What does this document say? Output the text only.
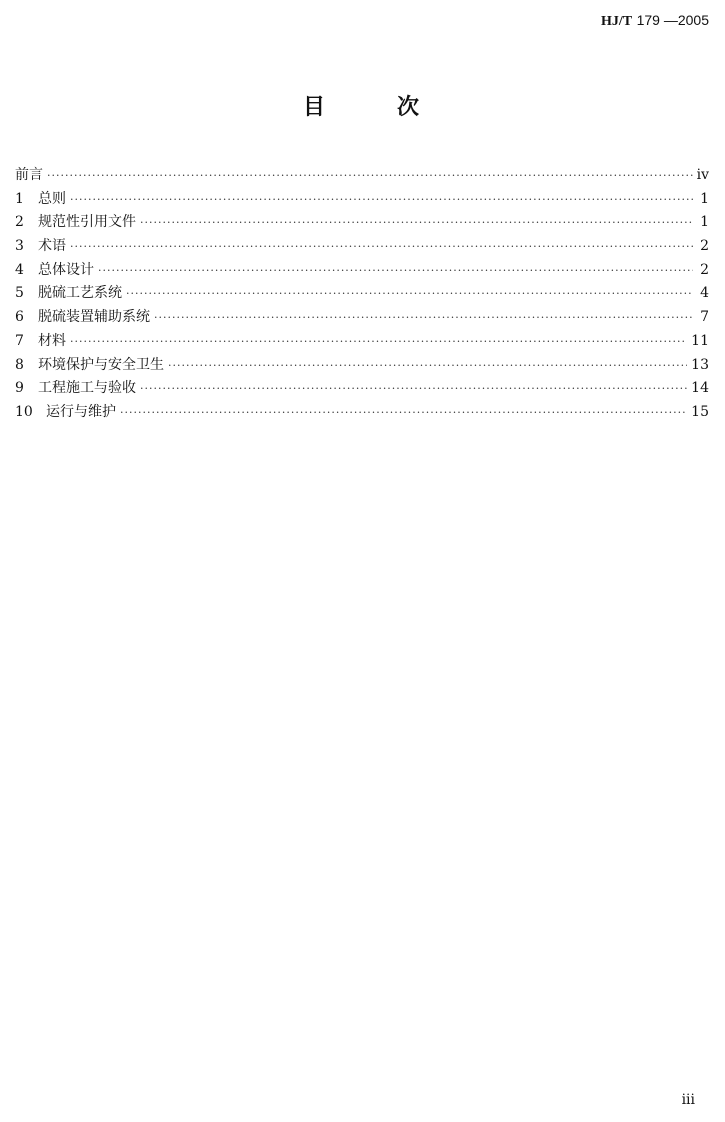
HJ/T 179 —2005
目	次
前言 ·····	ⅳ
1	总则 ·····	1
2	规范性引用文件 ·····	1
3	术语 ·····	2
4	总体设计 ·····	2
5	脱硫工艺系统 ·····	4
6	脱硫装置辅助系统 ·····	7
7	材料 ·····	11
8	环境保护与安全卫生 ·····	13
9	工程施工与验收 ·····	14
10 运行与维护 ·····	15
iii
